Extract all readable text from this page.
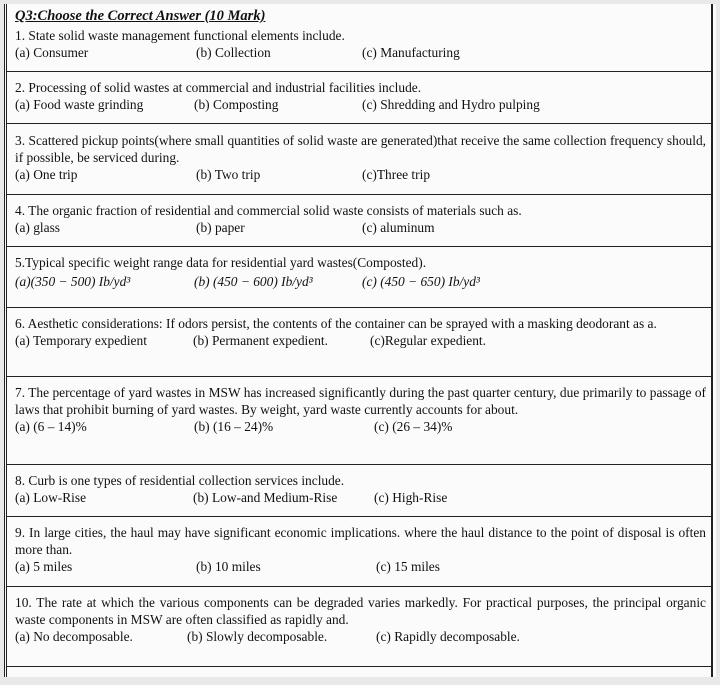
Q3:Choose the Correct Answer (10 Mark)
1. State solid waste management functional elements include.
(a) Consumer	(b) Collection	(c) Manufacturing
2. Processing of solid wastes at commercial and industrial facilities include.
(a) Food waste grinding	(b) Composting	(c) Shredding and Hydro pulping
3. Scattered pickup points(where small quantities of solid waste are generated)that receive the same collection frequency should, if possible, be serviced during.
(a) One trip	(b) Two trip	(c)Three trip
4. The organic fraction of residential and commercial solid waste consists of materials such as.
(a) glass	(b) paper	(c) aluminum
5.Typical specific weight range data for residential yard wastes(Composted).
(a)(350 − 500) Ib/yd³	(b) (450 − 600) Ib/yd³	(c) (450 − 650) Ib/yd³
6. Aesthetic considerations: If odors persist, the contents of the container can be sprayed with a masking deodorant as a.
(a) Temporary expedient	(b) Permanent expedient.	(c)Regular expedient.
7. The percentage of yard wastes in MSW has increased significantly during the past quarter century, due primarily to passage of laws that prohibit burning of yard wastes. By weight, yard waste currently accounts for about.
(a) (6 – 14)%	(b) (16 – 24)%	(c) (26 – 34)%
8. Curb is one types of residential collection services include.
(a) Low-Rise	(b) Low-and Medium-Rise	(c) High-Rise
9. In large cities, the haul may have significant economic implications. where the haul distance to the point of disposal is often more than.
(a) 5 miles	(b) 10 miles	(c) 15 miles
10. The rate at which the various components can be degraded varies markedly. For practical purposes, the principal organic waste components in MSW are often classified as rapidly and.
(a) No decomposable.	(b) Slowly decomposable.	(c) Rapidly decomposable.
